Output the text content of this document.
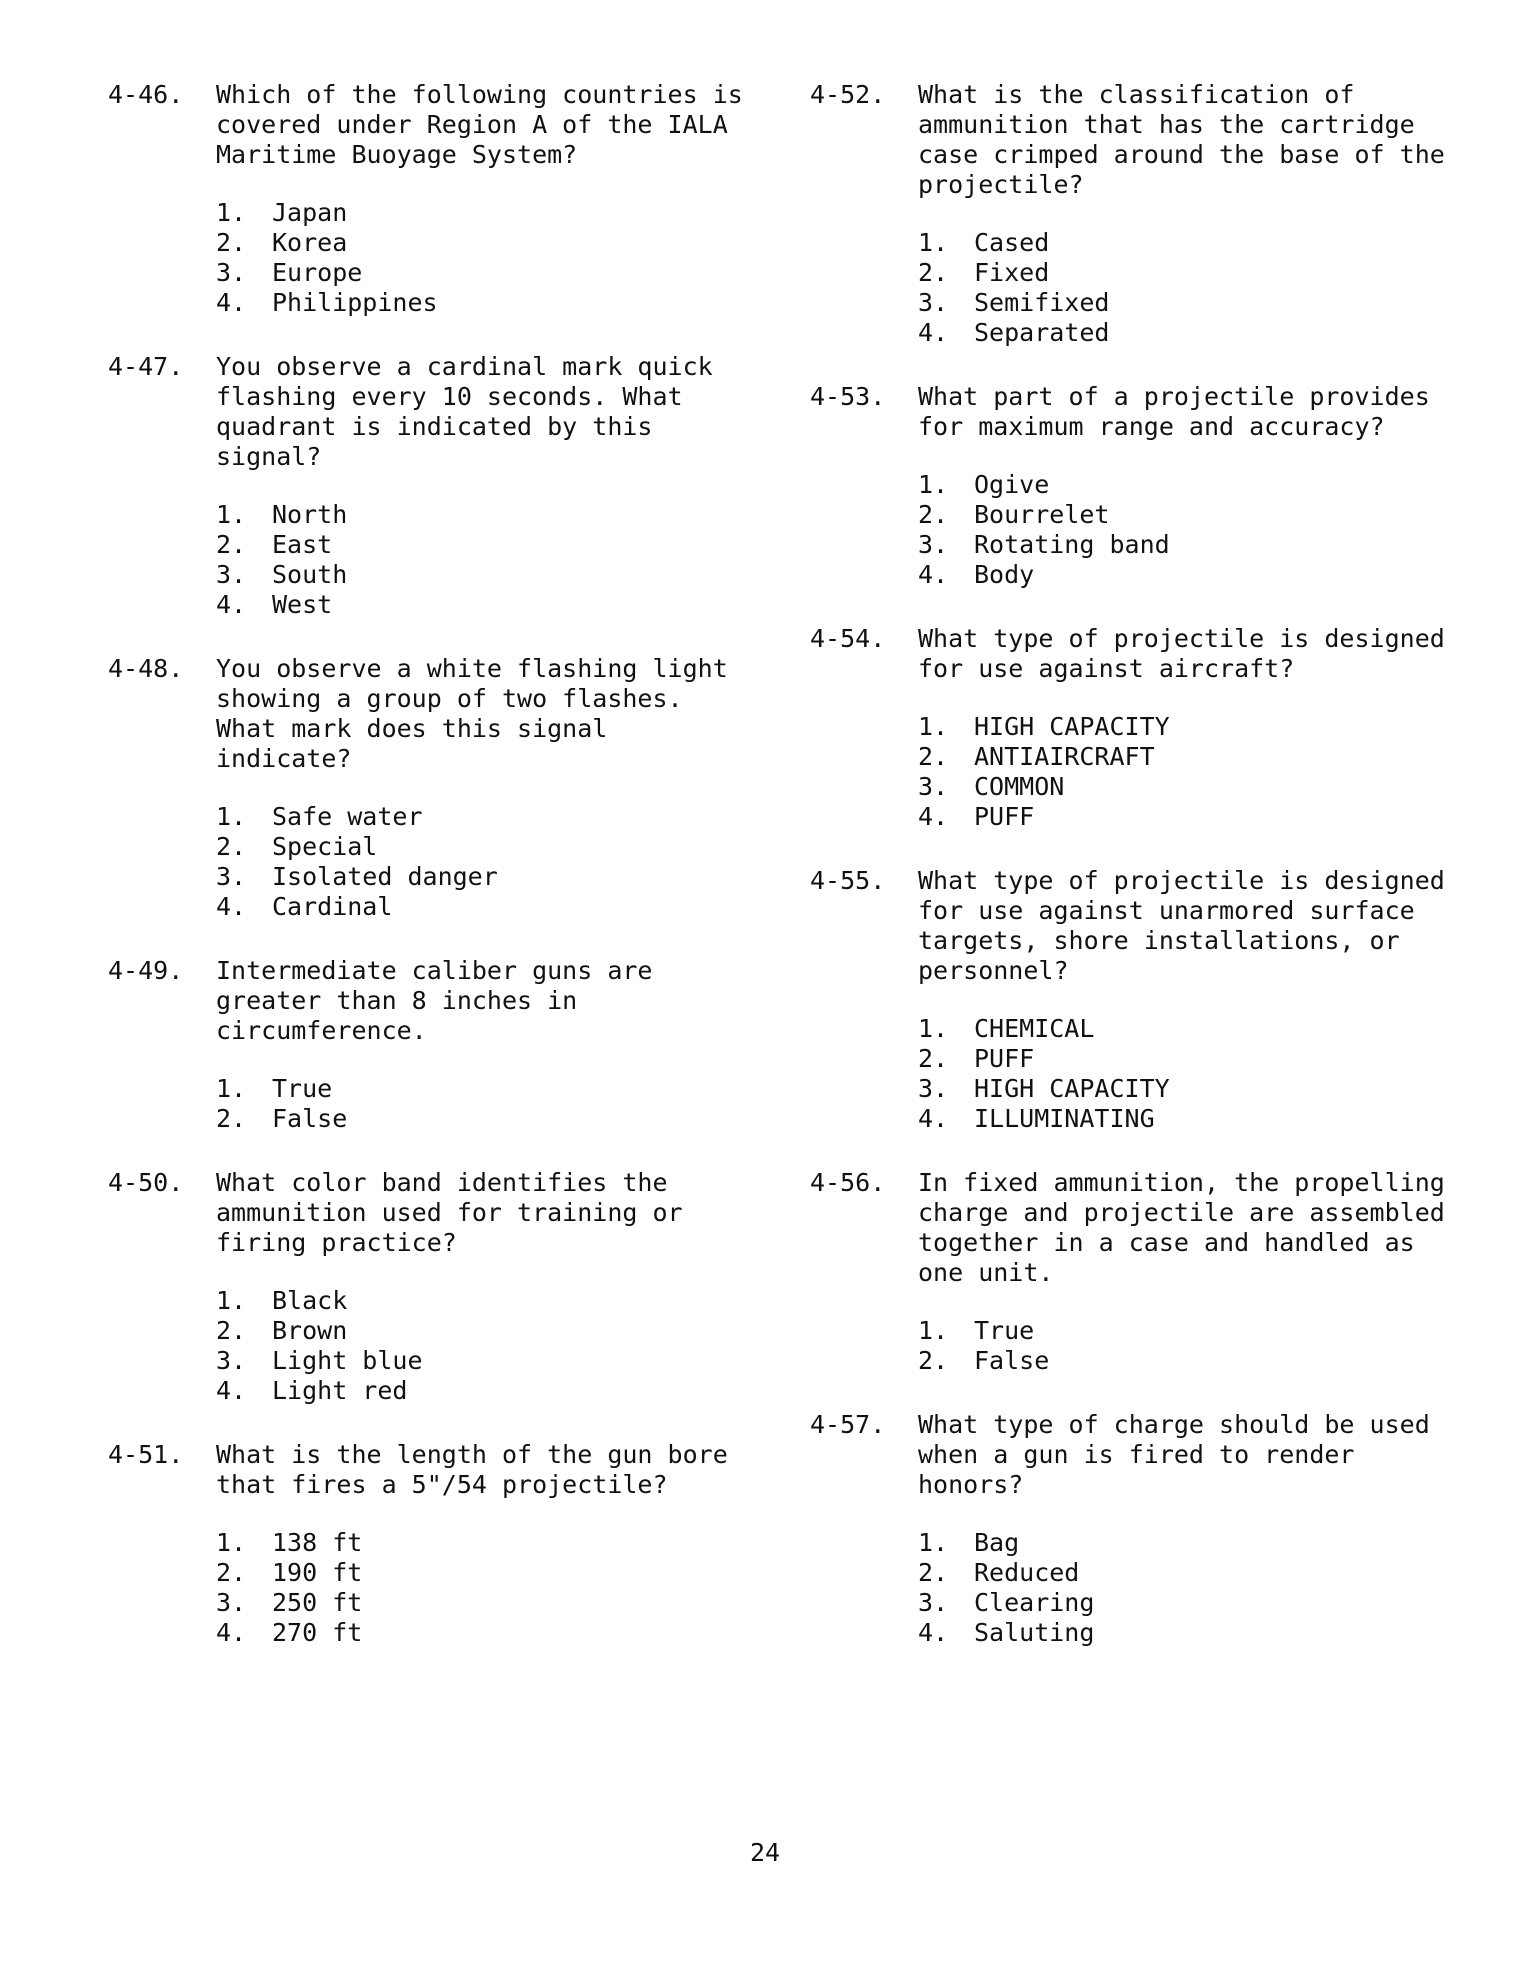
4-46.	Which of the following countries is covered under Region A of the IALA Maritime Buoyage System?
1.	Japan
2.	Korea
3.	Europe
4.	Philippines
4-47.	You observe a cardinal mark quick flashing every 10 seconds. What quadrant is indicated by this signal?
1.	North
2.	East
3.	South
4.	West
4-48.	You observe a white flashing light showing a group of two flashes. What mark does this signal indicate?
1.	Safe water
2.	Special
3.	Isolated danger
4.	Cardinal
4-49.	Intermediate caliber guns are greater than 8 inches in circumference.
1.	True
2.	False
4-50.	What color band identifies the ammunition used for training or firing practice?
1.	Black
2.	Brown
3.	Light blue
4.	Light red
4-51.	What is the length of the gun bore that fires a 5"/54 projectile?
1.	138 ft
2.	190 ft
3.	250 ft
4.	270 ft
4-52.	What is the classification of ammunition that has the cartridge case crimped around the base of the projectile?
1.	Cased
2.	Fixed
3.	Semifixed
4.	Separated
4-53.	What part of a projectile provides for maximum range and accuracy?
1.	Ogive
2.	Bourrelet
3.	Rotating band
4.	Body
4-54.	What type of projectile is designed for use against aircraft?
1.	HIGH CAPACITY
2.	ANTIAIRCRAFT
3.	COMMON
4.	PUFF
4-55.	What type of projectile is designed for use against unarmored surface targets, shore installations, or personnel?
1.	CHEMICAL
2.	PUFF
3.	HIGH CAPACITY
4.	ILLUMINATING
4-56.	In fixed ammunition, the propelling charge and projectile are assembled together in a case and handled as one unit.
1.	True
2.	False
4-57.	What type of charge should be used when a gun is fired to render honors?
1.	Bag
2.	Reduced
3.	Clearing
4.	Saluting
24
